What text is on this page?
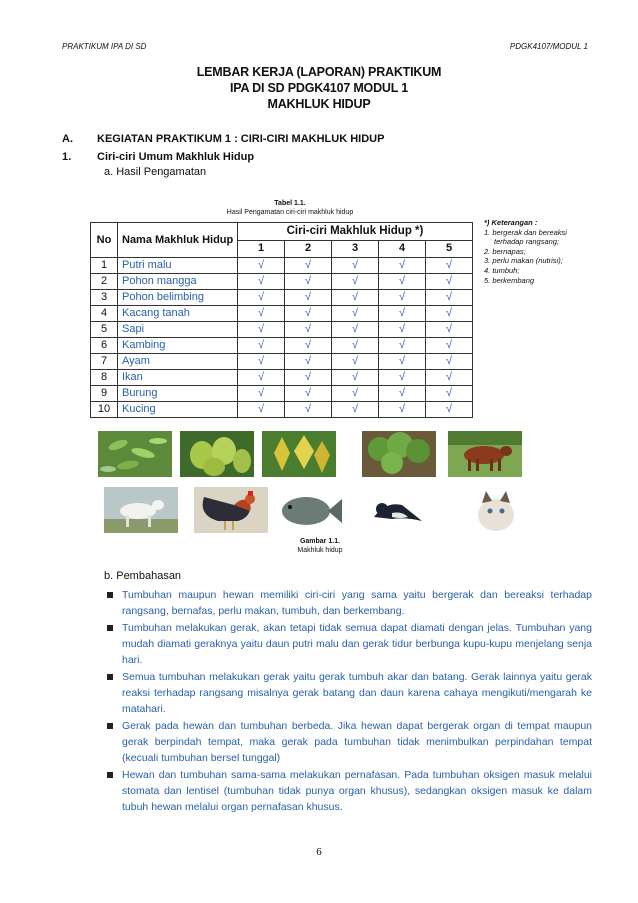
PRAKTIKUM IPA DI SD	PDGK4107/MODUL 1
LEMBAR KERJA (LAPORAN) PRAKTIKUM
IPA DI SD PDGK4107 MODUL 1
MAKHLUK HIDUP
A. KEGIATAN PRAKTIKUM 1 : CIRI-CIRI MAKHLUK HIDUP
1. Ciri-ciri Umum Makhluk Hidup
a. Hasil Pengamatan
Tabel 1.1.
Hasil Pengamatan ciri-ciri makhluk hidup
No	Nama Makhluk Hidup	Ciri-ciri Makhluk Hidup *)				
		1	2	3	4	5
1	Putri malu	√	√	√	√	√
2	Pohon mangga	√	√	√	√	√
3	Pohon belimbing	√	√	√	√	√
4	Kacang tanah	√	√	√	√	√
5	Sapi	√	√	√	√	√
6	Kambing	√	√	√	√	√
7	Ayam	√	√	√	√	√
8	Ikan	√	√	√	√	√
9	Burung	√	√	√	√	√
10	Kucing	√	√	√	√	√
*) Keterangan :
1. bergerak dan bereaksi terhadap rangsang;
2. bernapas;
3. perlu makan (nutrisi);
4. tumbuh;
5. berkembang
Gambar 1.1.
Makhluk hidup
b. Pembahasan
Tumbuhan maupun hewan memiliki ciri-ciri yang sama yaitu bergerak dan bereaksi terhadap rangsang, bernafas, perlu makan, tumbuh, dan berkembang.
Tumbuhan melakukan gerak, akan tetapi tidak semua dapat diamati dengan jelas. Tumbuhan yang mudah diamati geraknya yaitu daun putri malu dan gerak tidur berbunga kupu-kupu menjelang senja hari.
Semua tumbuhan melakukan gerak yaitu gerak tumbuh akar dan batang. Gerak lainnya yaitu gerak reaksi terhadap rangsang misalnya gerak batang dan daun karena cahaya mengikuti/mengarah ke matahari.
Gerak pada hewan dan tumbuhan berbeda. Jika hewan dapat bergerak organ di tempat maupun gerak berpindah tempat, maka gerak pada tumbuhan tidak menimbulkan perpindahan tempat (kecuali tumbuhan bersel tunggal)
Hewan dan tumbuhan sama-sama melakukan pernafasan. Pada tumbuhan oksigen masuk melalui stomata dan lentisel (tumbuhan tidak punya organ khusus), sedangkan oksigen masuk ke dalam tubuh hewan melalui organ pernafasan khusus.
6
